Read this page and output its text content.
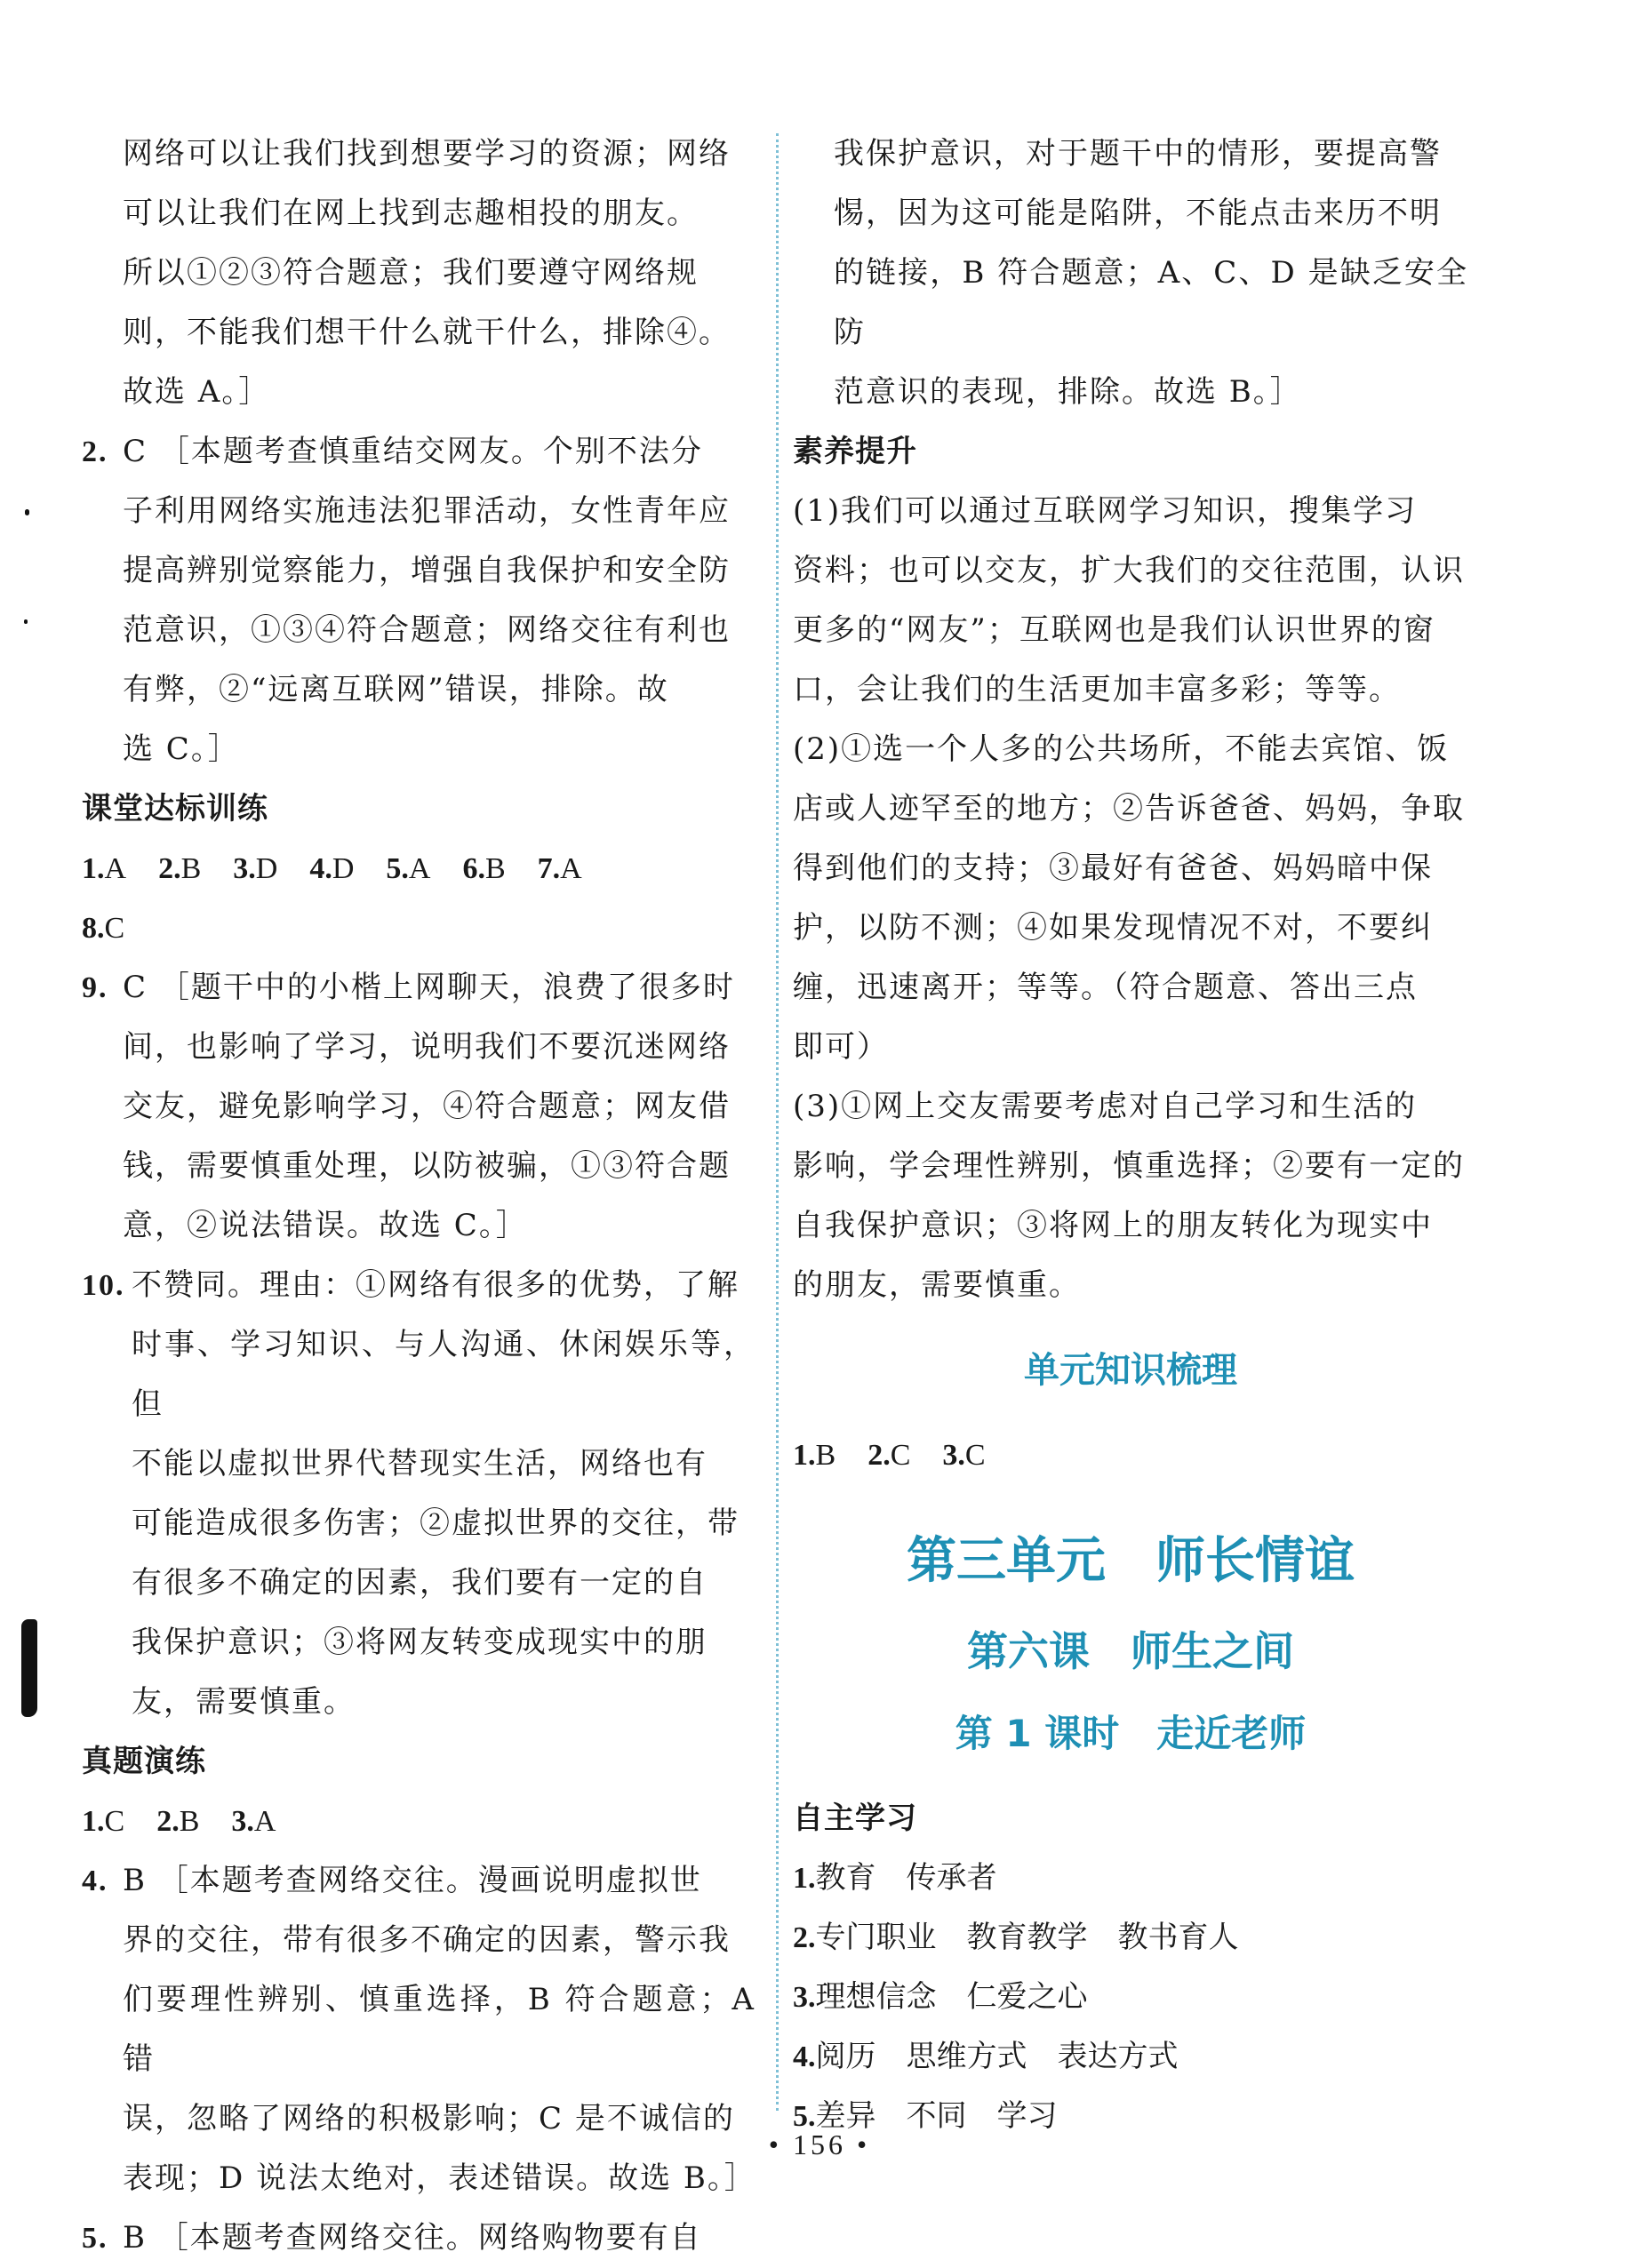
网络可以让我们找到想要学习的资源；网络

可以让我们在网上找到志趣相投的朋友。

所以①②③符合题意；我们要遵守网络规

则，不能我们想干什么就干什么，排除④。

故选 A。］

2. C ［本题考查慎重结交网友。个别不法分
子利用网络实施违法犯罪活动，女性青年应
提高辨别觉察能力，增强自我保护和安全防
范意识，①③④符合题意；网络交往有利也
有弊，②“远离互联网”错误，排除。故
选 C。］

课堂达标训练

1.A 2.B 3.D 4.D 5.A 6.B 7.A

8.C

9. C ［题干中的小楷上网聊天，浪费了很多时
间，也影响了学习，说明我们不要沉迷网络
交友，避免影响学习，④符合题意；网友借
钱，需要慎重处理，以防被骗，①③符合题
意，②说法错误。故选 C。］
10. 不赞同。理由：①网络有很多的优势，了解
时事、学习知识、与人沟通、休闲娱乐等，但
不能以虚拟世界代替现实生活，网络也有
可能造成很多伤害；②虚拟世界的交往，带
有很多不确定的因素，我们要有一定的自
我保护意识；③将网友转变成现实中的朋
友，需要慎重。

真题演练

1.C 2.B 3.A

4. B ［本题考查网络交往。漫画说明虚拟世
界的交往，带有很多不确定的因素，警示我
们要理性辨别、慎重选择，B 符合题意；A 错
误，忽略了网络的积极影响；C 是不诚信的
表现；D 说法太绝对，表述错误。故选 B。］
5. B ［本题考查网络交往。网络购物要有自

我保护意识，对于题干中的情形，要提高警

惕，因为这可能是陷阱，不能点击来历不明

的链接，B 符合题意；A、C、D 是缺乏安全防

范意识的表现，排除。故选 B。］

素养提升

(1)我们可以通过互联网学习知识，搜集学习

资料；也可以交友，扩大我们的交往范围，认识

更多的“网友”；互联网也是我们认识世界的窗

口，会让我们的生活更加丰富多彩；等等。

(2)①选一个人多的公共场所，不能去宾馆、饭

店或人迹罕至的地方；②告诉爸爸、妈妈，争取

得到他们的支持；③最好有爸爸、妈妈暗中保

护，以防不测；④如果发现情况不对，不要纠

缠，迅速离开；等等。（符合题意、答出三点

即可）

(3)①网上交友需要考虑对自己学习和生活的

影响，学会理性辨别，慎重选择；②要有一定的

自我保护意识；③将网上的朋友转化为现实中

的朋友，需要慎重。

单元知识梳理

1.B 2.C 3.C

第三单元　师长情谊

第六课　师生之间

第 1 课时　走近老师

自主学习

1.教育　传承者

2.专门职业　教育教学　教书育人

3.理想信念　仁爱之心

4.阅历　思维方式　表达方式

5.差异　不同　学习

• 156 •
